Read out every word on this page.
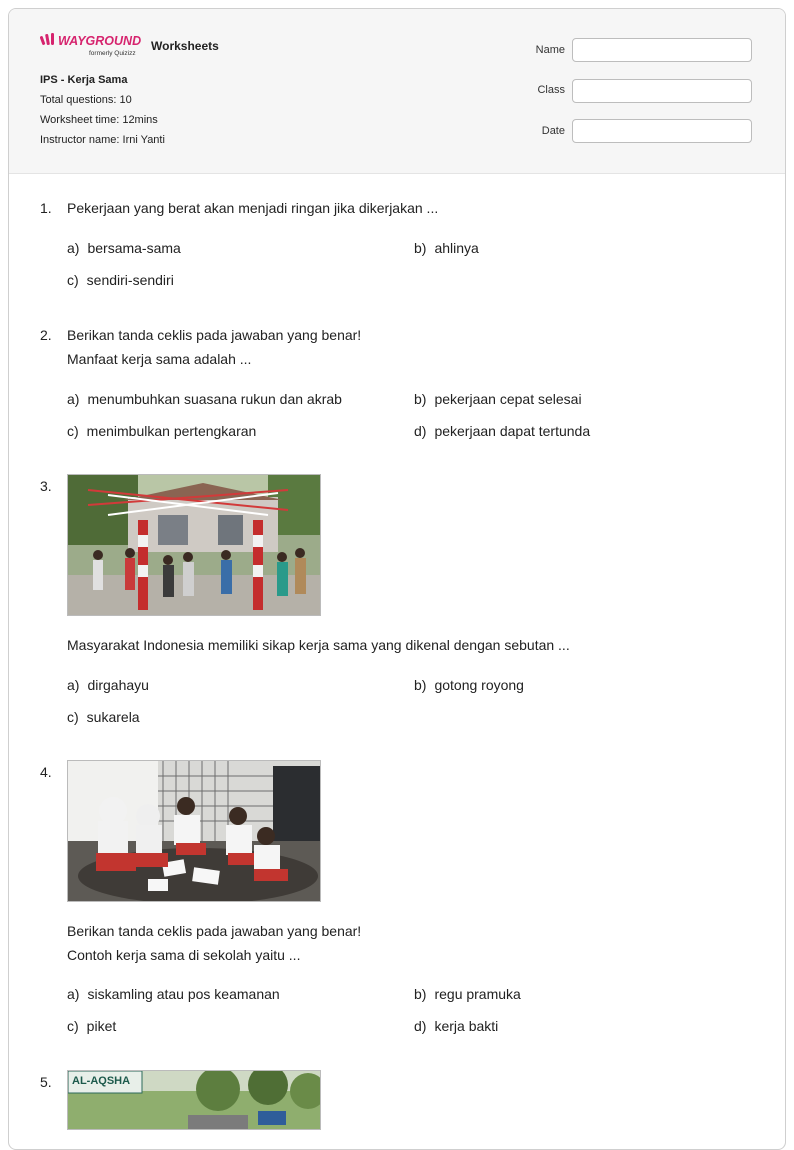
WAYGROUND
formerly Quizizz
Worksheets
IPS - Kerja Sama
Total questions: 10
Worksheet time: 12mins
Instructor name: Irni Yanti
Name
Class
Date
1. Pekerjaan yang berat akan menjadi ringan jika dikerjakan ...
a) bersama-sama	b) ahlinya
c) sendiri-sendiri
2. Berikan tanda ceklis pada jawaban yang benar!
Manfaat kerja sama adalah ...
a) menumbuhkan suasana rukun dan akrab	b) pekerjaan cepat selesai
c) menimbulkan pertengkaran	d) pekerjaan dapat tertunda
3.
Masyarakat Indonesia memiliki sikap kerja sama yang dikenal dengan sebutan ...
a) dirgahayu	b) gotong royong
c) sukarela
4.
Berikan tanda ceklis pada jawaban yang benar!
Contoh kerja sama di sekolah yaitu ...
a) siskamling atau pos keamanan	b) regu pramuka
c) piket	d) kerja bakti
5. AL-AQSHA
